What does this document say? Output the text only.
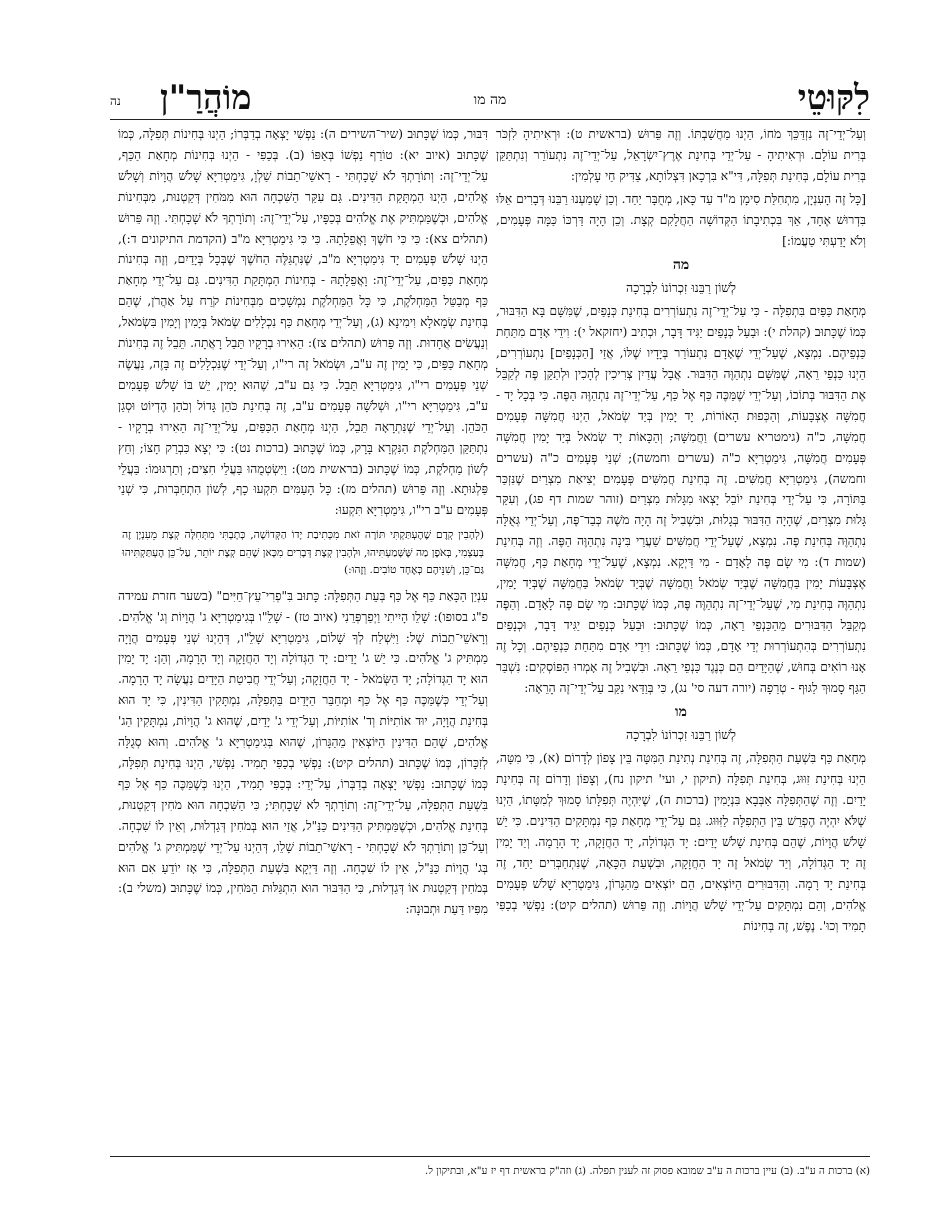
לִקּוּטֵי
מה מו
מוֹהֲרַ"ן
נה

וְעַל־יְדֵי־זֶה נִזְדַּכֵּךְ מֹחוֹ, הַיְנוּ מַחֲשַׁבְתּוֹ. וְזֶה פֵּרוּשׁ (בראשית ט): וּרְאִיתִיהָ לִזְכֹּר בְּרִית עוֹלָם. וּרְאִיתִיהָ - עַל־יְדֵי בְּחִינַת אֶרֶץ־יִשְׂרָאֵל, עַל־יְדֵי־זֶה נִתְעוֹרֵר וְנִתְתַּקֵּן בְּרִית עוֹלָם, בְּחִינַת תְּפִלָּה, דִּי"א בִּרְכָאן דִּצְלוֹתָא, צַדִּיק חַי עָלְמִין:

[כָּל זֶה הָעִנְיָן, מִתְחִלַּת סִימָן מ"ד עַד כָּאן, מְחֻבָּר יַחַד. וְכֵן שָׁמַעְנוּ רַבֵּנוּ דְּבָרִים אֵלּוּ בִּדְרוּשׁ אֶחָד, אַךְ בִּכְתִיבָתוֹ הַקְּדוֹשָׁה הַחֲלָקִם קְצָת. וְכֵן הָיָה דַּרְכּוֹ כַּמָּה פְּעָמִים, וְלֹא יָדַעְתִּי טַעֲמוֹ:]

מה
לְשׁוֹן רַבֵּנוּ זִכְרוֹנוֹ לִבְרָכָה

מְחָאַת כַּפַּיִם בִּתְפִלָּה - כִּי עַל־יְדֵי־זֶה נִתְעוֹרְרִים בְּחִינַת כְּנָפַיִם, שֶׁמִּשָּׁם בָּא הַדִּבּוּר, כְּמוֹ שֶׁכָּתוּב (קהלת י): וּבַעַל כְּנָפַיִם יַגִּיד דָּבָר, וּכְתִיב (יחזקאל י): וִידֵי אָדָם מִתַּחַת כַּנְפֵיהֶם. נִמְצָא, שֶׁעַל־יְדֵי שֶׁאָדָם נִתְעוֹרֵר בְּיָדָיו שֶׁלּוֹ, אֲזַי [הַכְּנָפַיִם] נִתְעוֹרְרִים, הַיְנוּ כַּנְפֵי רֵאָה, שֶׁמִּשָּׁם נִתְהַוֶּה הַדִּבּוּר. אֲבָל עֲדַיִן צְרִיכִין לְהָכִין וּלְתַקֵּן פֶּה לְקַבֵּל אֶת הַדִּבּוּר בְּתוֹכוֹ, וְעַל־יְדֵי שֶׁמַּכֶּה כַּף אֶל כַּף, עַל־יְדֵי־זֶה נִתְהַוֶּה הַפֶּה. כִּי בְּכָל יָד - חֲמִשָּׁה אֶצְבָּעוֹת, וְהַכְּפוּת הָאוֹרוֹת, יָד יָמִין בְּיַד שְׂמֹאל, הַיְנוּ חֲמִשָּׁה פְּעָמִים חֲמִשָּׁה, כ"ה (גימטריא עשרים) וַחֲמִשָּׁה; וְהַכָּאוֹת יָד שְׂמֹאל בְּיַד יָמִין חֲמִשָּׁה פְּעָמִים חֲמִשָּׁה, גִּימַטְרִיָּא כ"ה (עשרים וחמשה); שְׁנֵי פְּעָמִים כ"ה (עשרים וחמשה), גִּימַטְרִיָּא חֲמִשִּׁים. זֶה בְּחִינַת חֲמִשִּׁים פְּעָמִים יְצִיאַת מִצְרַיִם שֶׁנִּזְכַּר בַּתּוֹרָה, כִּי עַל־יְדֵי בְּחִינַת יוֹבֵל יָצְאוּ מִגָּלוּת מִצְרַיִם (זוהר שמות דף פג), וְעִקַּר גָּלוּת מִצְרַיִם, שֶׁהָיָה הַדִּבּוּר בְּגָלוּת, וּבִשְׁבִיל זֶה הָיָה מֹשֶׁה כְּבַד־פֶּה, וְעַל־יְדֵי גְּאֻלָּה נִתְהַוֶּה בְּחִינַת פֶּה. נִמְצָא, שֶׁעַל־יְדֵי חֲמִשִּׁים שַׁעֲרֵי בִּינָה נִתְהַוֶּה הַפֶּה. וְזֶה בְּחִינַת (שמות ד): מִי שָׂם פֶּה לָאָדָם - מִי דַּיְקָא. נִמְצָא, שֶׁעַל־יְדֵי מְחָאַת כַּף, חֲמִשָּׁה אֶצְבָּעוֹת יָמִין בַּחֲמִשָּׁה שֶׁבְּיַד שְׂמֹאל וַחֲמִשָּׁה שֶׁבְּיַד שְׂמֹאל בַּחֲמִשָּׁה שֶׁבְּיַד יָמִין, נִתְהַוֶּה בְּחִינַת מִי, שֶׁעַל־יְדֵי־זֶה נִתְהַוֶּה פֶּה, כְּמוֹ שֶׁכָּתוּב: מִי שָׂם פֶּה לָאָדָם. וְהַפֶּה מְקַבֵּל הַדִּבּוּרִים מֵהַכַּנְפֵי רֵאָה, כְּמוֹ שֶׁכָּתוּב: וּבַעַל כְּנָפַיִם יַגִּיד דָּבָר, וּכְנָפַיִם נִתְעוֹרְרִים בְּהִתְעוֹרְרוּת יְדֵי אָדָם, כְּמוֹ שֶׁכָּתוּב: וִידֵי אָדָם מִתַּחַת כַּנְפֵיהֶם. וְכָל זֶה אָנוּ רוֹאִים בְּחוּשׁ, שֶׁהַיָּדַיִם הֵם כְּנֶגֶד כַּנְפֵי רֵאָה. וּבִשְׁבִיל זֶה אָמְרוּ הַפּוֹסְקִים: נִשְׁבַּר הַגַּף סָמוּךְ לַגּוּף - טְרֵפָה (יורה דעה סי' נג), כִּי בְּוַדַּאי נִקַּב עַל־יְדֵי־זֶה הָרֵאָה:

מו
לְשׁוֹן רַבֵּנוּ זִכְרוֹנוֹ לִבְרָכָה

מְחָאַת כַּף בִּשְׁעַת הַתְּפִלָּה, זֶה בְּחִינַת נְתִינַת הַמִּטָּה בֵּין צָפוֹן לְדָרוֹם (א), כִּי מִטָּה, הַיְנוּ בְּחִינַת זִוּוּג, בְּחִינַת תְּפִלָּה (תיקון י, ועי' תיקון נח), וְצָפוֹן וְדָרוֹם זֶה בְּחִינַת יָדַיִם. וְזֶה שֶׁהַתְּפִלָּה אַבְּבָא בִּנְיָמִין (ברכות ה), שֶׁיִּהְיֶה תְּפִלָּתוֹ סָמוּךְ לְמִטָּתוֹ, הַיְנוּ שֶׁלֹּא יִהְיֶה הֶפְרֵשׁ בֵּין הַתְּפִלָּה לַזִּוּוּג. גַּם עַל־יְדֵי מְחָאַת כַּף נִמְתָּקִים הַדִּינִים. כִּי יֵשׁ שָׁלֹשׁ הֲוָיוֹת, שֶׁהֵם בְּחִינַת שָׁלֹשׁ יָדַיִם: יָד הַגְּדוֹלָה, יָד הַחֲזָקָה, יָד הָרָמָה. וְיַד יָמִין זֶה יָד הַגְּדוֹלָה, וְיַד שְׂמֹאל זֶה יָד הַחֲזָקָה, וּבִשְׁעַת הַכָּאָה, שֶׁנִּתְחַבְּרִים יַחַד, זֶה בְּחִינַת יָד רָמָה. וְהַדִּבּוּרִים הַיּוֹצְאִים, הֵם יוֹצְאִים מֵהַגָּרוֹן, גִּימַטְרִיָּא שָׁלֹשׁ פְּעָמִים אֱלֹהִים, וְהֵם נִמְתָּקִים עַל־יְדֵי שָׁלֹשׁ הֲוָיוֹת. וְזֶה פֵּרוּשׁ (תהלים קיט): נַפְשִׁי בְכַפִּי תָמִיד וְכוּ'. נֶפֶשׁ, זֶה בְּחִינוֹת

דִּבּוּר, כְּמוֹ שֶׁכָּתוּב (שיר־השירים ה): נַפְשִׁי יָצְאָה בְדַבְּרוֹ; הַיְנוּ בְּחִינוֹת תְּפִלָּה, כְּמוֹ שֶׁכָּתוּב (איוב יא): טוֹרֵף נַפְשׁוֹ בְּאַפּוֹ (ב). בְּכַפִּי - הַיְנוּ בְּחִינוֹת מְחָאַת הַכַּף, עַל־יְדֵי־זֶה: וְתוֹרָתְךָ לֹא שָׁכָחְתִּי - רָאשֵׁי־תֵבוֹת שַׁלְוָ, גִּימַטְרִיָּא שָׁלֹשׁ הֲוָיוֹת וְשָׁלֹשׁ אֱלֹהִים, הַיְנוּ הַמְתָּקַת הַדִּינִים. גַּם עִקַּר הַשִּׁכְחָה הוּא מִמֹּחִין דְּקַטְנוּת, מִבְּחִינוֹת אֱלֹהִים, וּכְשֶׁמַּמְתִּיק אֶת אֱלֹהִים בְּכַפָּיו, עַל־יְדֵי־זֶה: וְתוֹרָתְךָ לֹא שָׁכָחְתִּי. וְזֶה פֵּרוּשׁ (תהלים צא): כִּי כִּי חֹשֶׁךְ וָאֲפֵלָתָהּ. כִּי כִּי גִּימַטְרִיָּא מ"ב (הקדמת התיקונים ד:), הַיְנוּ שָׁלֹשׁ פְּעָמִים יָד גִּימַטְרִיָּא מ"ב, שֶׁנִּתְגַּלֶּה הַחֹשֶׁךְ שֶׁבְּכָל בְּיָדַיִם, וְזֶה בְּחִינוֹת מְחָאַת כַּפַּיִם, עַל־יְדֵי־זֶה: וָאֲפֵלָתָהּ - בְּחִינוֹת הַמְתָּקַת הַדִּינִים. גַּם עַל־יְדֵי מְחָאַת כַּף מְבַטֵּל הַמַּחְלֹקֶת, כִּי כָּל הַמַּחְלֹקֶת נִמְשָׁכִים מִבְּחִינוֹת קֹרַח עַל אַהֲרֹן, שֶׁהֵם בְּחִינַת שְׂמָאלָא וִימִינָא (ג), וְעַל־יְדֵי מְחָאַת כַּף נִכְלָלִים שְׂמֹאל בְּיָמִין וְיָמִין בִּשְׂמֹאל, וְנַעֲשִׂים אֲחָדוּת. וְזֶה פֵּרוּשׁ (תהלים צז): הֵאִירוּ בְרָקָיו תֵּבֵל רָאֲתָה. תֵּבֵל זֶה בְּחִינוֹת מְחָאַת כַּפַּיִם, כִּי יָמִין זֶה ע"ב, וּשְׂמֹאל זֶה רי"ו, וְעַל־יְדֵי שֶׁנִּכְלָלִים זֶה בָּזֶה, נַעֲשֶׂה שְׁנֵי פְּעָמִים רי"ו, גִּימַטְרִיָּא תֵּבֵל. כִּי גַּם ע"ב, שֶׁהוּא יָמִין, יֵשׁ בּוֹ שָׁלֹשׁ פְּעָמִים ע"ב, גִּימַטְרִיָּא רי"ו, וּשְׁלֹשָׁה פְּעָמִים ע"ב, זֶה בְּחִינַת כֹּהֵן גָּדוֹל וְכֹהֵן הֶדְיוֹט וּסְגַן הַכֹּהֵן. וְעַל־יְדֵי שֶׁנִּתְרָאָה תֵּבֵל, הַיְנוּ מְחָאַת הַכַּפַּיִם, עַל־יְדֵי־זֶה הֵאִירוּ בְרָקָיו - נִתְתַּקֵּן הַמַּחְלֹקֶת הַנִּקְרָא בָּרָק, כְּמוֹ שֶׁכָּתוּב (ברכות נט): כִּי יְצָא כִּבְרַק חָצוֹ; וְחֵץ לְשׁוֹן מַחְלֹקֶת, כְּמוֹ שֶׁכָּתוּב (בראשית מט): וַיִּשְׂטְמֻהוּ בַּעֲלֵי חִצִּים; וְתַרְגּוּמוֹ: בַּעֲלֵי פַּלְגּוּתָא. וְזֶה פֵּרוּשׁ (תהלים מז): כָּל הָעַמִּים תִּקְעוּ כָף, לְשׁוֹן הִתְחַבְּרוּת, כִּי שְׁנֵי פְּעָמִים ע"ב רי"ו, גִּימַטְרִיָּא תִּקְעוּ:

(לְהָבִין קְדֶם שֶׁהֶעְתַּקְתִּי תּוֹרָה זֹאת מִכְּתִיבַת יָדוֹ הַקְּדוֹשָׁה, כְּתָבְתִּי מִתְּחִלָּה קְצָת מֵעִנְיָן זֶה בְּעַצְמִי, בְּאֹפֶן מַה שֶּׁשָּׁמַעְתִּיהוּ, וּלְהָבִין קְצָת דְּבָרִים מִכָּאן שֶׁהֵם קְצָת יוֹתֵר, עַל־כֵּן הֶעְתַּקְתִּיהוּ גַּם־כֵּן, וְשִׁנֵּיהֶם כְּאֶחָד טוֹבִים. וְזֶהוּ:)

עִנְיַן הַכָּאַת כַּף אֶל כַּף בְּעֵת הַתְּפִלָּה: כָּתוּב בִּ"פְרִי־עֵץ־חַיִּים" (בשער חזרת עמידה פ"ג בסופו): שָׁלֵו הָיִיתִי וַיְפַרְפְּרֵנִי (איוב טז) - שָׁלֵ"ו בְּגִימַטְרִיָּא ג' הֲוָיוֹת וְג' אֱלֹהִים. וְרָאשֵׁי־תֵבוֹת שֶׁל: וַיִּשְׁלַח לְךָ שָׁלוֹם, גִּימַטְרִיָּא שָׁלֵ"ו, דְּהַיְנוּ שְׁנֵי פְּעָמִים הֲוָיָה מַמְתִּיק ג' אֱלֹהִים. כִּי יֵשׁ ג' יָדַיִם: יָד הַגְּדוֹלָה וְיָד הַחֲזָקָה וְיָד הָרָמָה, וְהֵן: יָד יָמִין הוּא יָד הַגְּדוֹלָה; יָד הַשְּׂמֹאל - יָד הַחֲזָקָה; וְעַל־יְדֵי חֲבִיטַת הַיָּדַיִם נַעֲשָׂה יָד הָרָמָה. וְעַל־יְדֵי כְּשֶׁמַּכֶּה כַּף אֶל כַּף וּמְחַבֵּר הַיָּדַיִם בַּתְּפִלָּה, נִמְתָּקִין הַדִּינִין, כִּי יָד הוּא בְּחִינַת הֲוָיָה, יוּד אוֹתִיּוֹת וְד' אוֹתִיּוֹת, וְעַל־יְדֵי ג' יָדַיִם, שֶׁהוּא ג' הֲוָיוֹת, נִמְתָּקִין הַג' אֱלֹהִים, שֶׁהֵם הַדִּינִין הַיּוֹצְאִין מֵהַגָּרוֹן, שֶׁהוּא בְּגִימַטְרִיָּא ג' אֱלֹהִים. וְהוּא סְגֻלָּה לְזִכָּרוֹן, כְּמוֹ שֶׁכָּתוּב (תהלים קיט): נַפְשִׁי בְכַפִּי תָמִיד. נַפְשִׁי, הַיְנוּ בְּחִינַת תְּפִלָּה, כְּמוֹ שֶׁכָּתוּב: נַפְשִׁי יָצְאָה בְדַבְּרוֹ, עַל־יְדֵי: בְּכַפִּי תָמִיד, הַיְנוּ כְּשֶׁמַּכֶּה כַּף אֶל כַּף בִּשְׁעַת הַתְּפִלָּה, עַל־יְדֵי־זֶה: וְתוֹרָתְךָ לֹא שָׁכָחְתִּי; כִּי הַשִּׁכְחָה הוּא מֹחִין דְּקַטְנוּת, בְּחִינַת אֱלֹהִים, וּכְשֶׁמַּמְתִּיק הַדִּינִים כַּנַּ"ל, אֲזַי הוּא בְּמֹחִין דְּגַדְלוּת, וְאֵין לוֹ שִׁכְחָה. וְעַל־כֵּן וְתוֹרָתְךָ לֹא שָׁכָחְתִּי - רָאשֵׁי־תֵבוֹת שָׁלֵו, דְּהַיְנוּ עַל־יְדֵי שֶׁמַּמְתִּיק ג' אֱלֹהִים בְּג' הֲוָיוֹת כַּנַּ"ל, אֵין לוֹ שִׁכְחָה. וְזֶה דַּיְקָא בִּשְׁעַת הַתְּפִלָּה, כִּי אָז יוֹדֵעַ אִם הוּא בְּמֹחִין דְּקַטְנוּת אוֹ דְּגַדְלוּת, כִּי הַדִּבּוּר הוּא הִתְגַּלּוּת הַמֹּחִין, כְּמוֹ שֶׁכָּתוּב (משלי ב): מִפִּיו דַּעַת וּתְבוּנָה:

(א) ברכות ה ע"ב. (ב) עיין ברכות ה ע"ב שמובא פסוק זה לענין תפלה. (ג) וזה"ק בראשית דף יז ע"א, ובתיקון ל.
